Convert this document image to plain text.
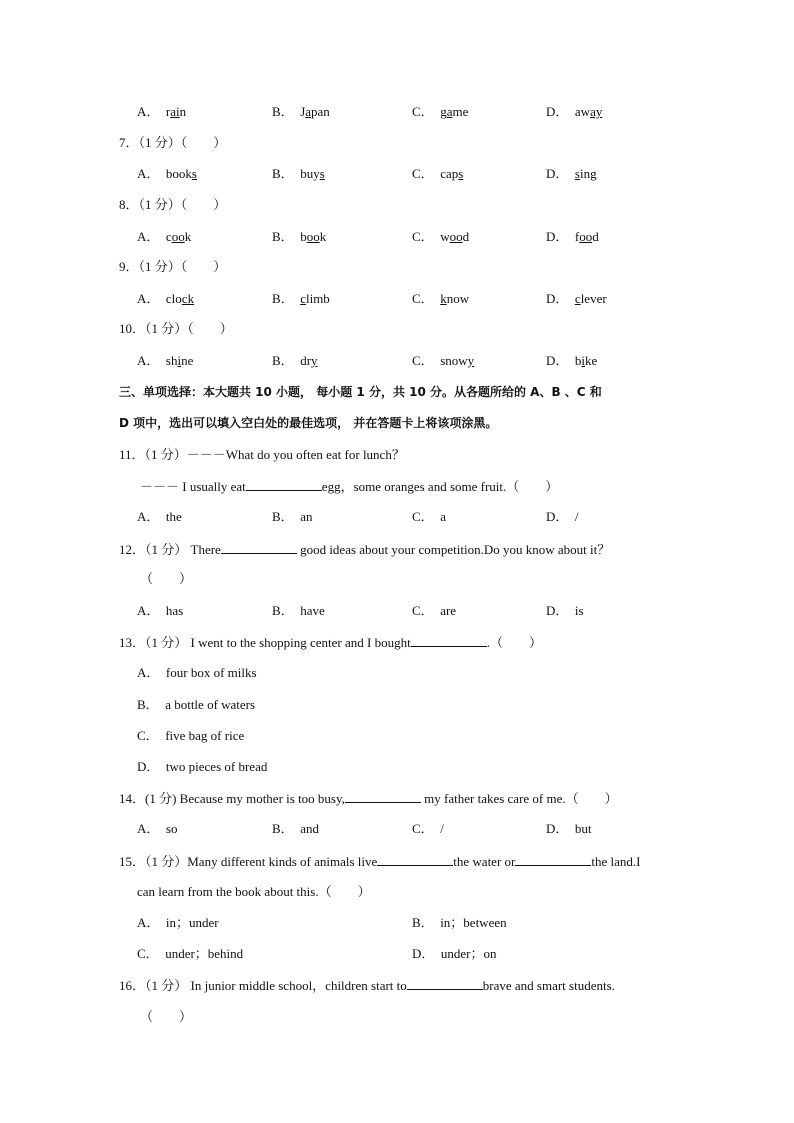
A．　 rain	B．　 Japan	C．　 game	D．　 away
7．（1 分）（　　）
A．　 books	B．　 buys	C．　 caps	D．　 sing
8．（1 分）（　　）
A．　 cook	B．　 book	C．　 wood	D．　 food
9．（1 分）（　　）
A．　 clock	B．　 climb	C．　 know	D．　 clever
10．（1 分）（　　）
A．　 shine	B．　 dry	C．　 snowy	D．　 bike
三、单项选择：本大题共 10 小题， 每小题 1 分，共 10 分。从各题所给的 A、B 、C 和
D 项中，选出可以填入空白处的最佳选项， 并在答题卡上将该项涂黑。
11．（1 分）－－－What do you often eat for lunch？
－－－ I usually eat	egg，some oranges and some fruit.（　　）
A．　 the	B．　 an	C．　 a	D．　 /
12．（1 分） There	good ideas about your competition.Do you know about it？
（　　）
A．　 has	B．　 have	C．　 are	D．　 is
13．（1 分） I went to the shopping center and I bought	.（　　）
A．　 four box of milks
B．　 a bottle of waters
C．　 five bag of rice
D．　 two pieces of bread
14．(1 分) Because my mother is too busy,	my father takes care of me.（　　）
A．　 so	B．　 and	C．　 /	D．　 but
15．（1 分）Many different kinds of animals live	the water or	the land.I
can learn from the book about this.（　　）
A．　 in；under	B．　 in；between
C．　 under；behind	D．　 under；on
16．（1 分） In junior middle school，children start to	brave and smart students.
（　　）
